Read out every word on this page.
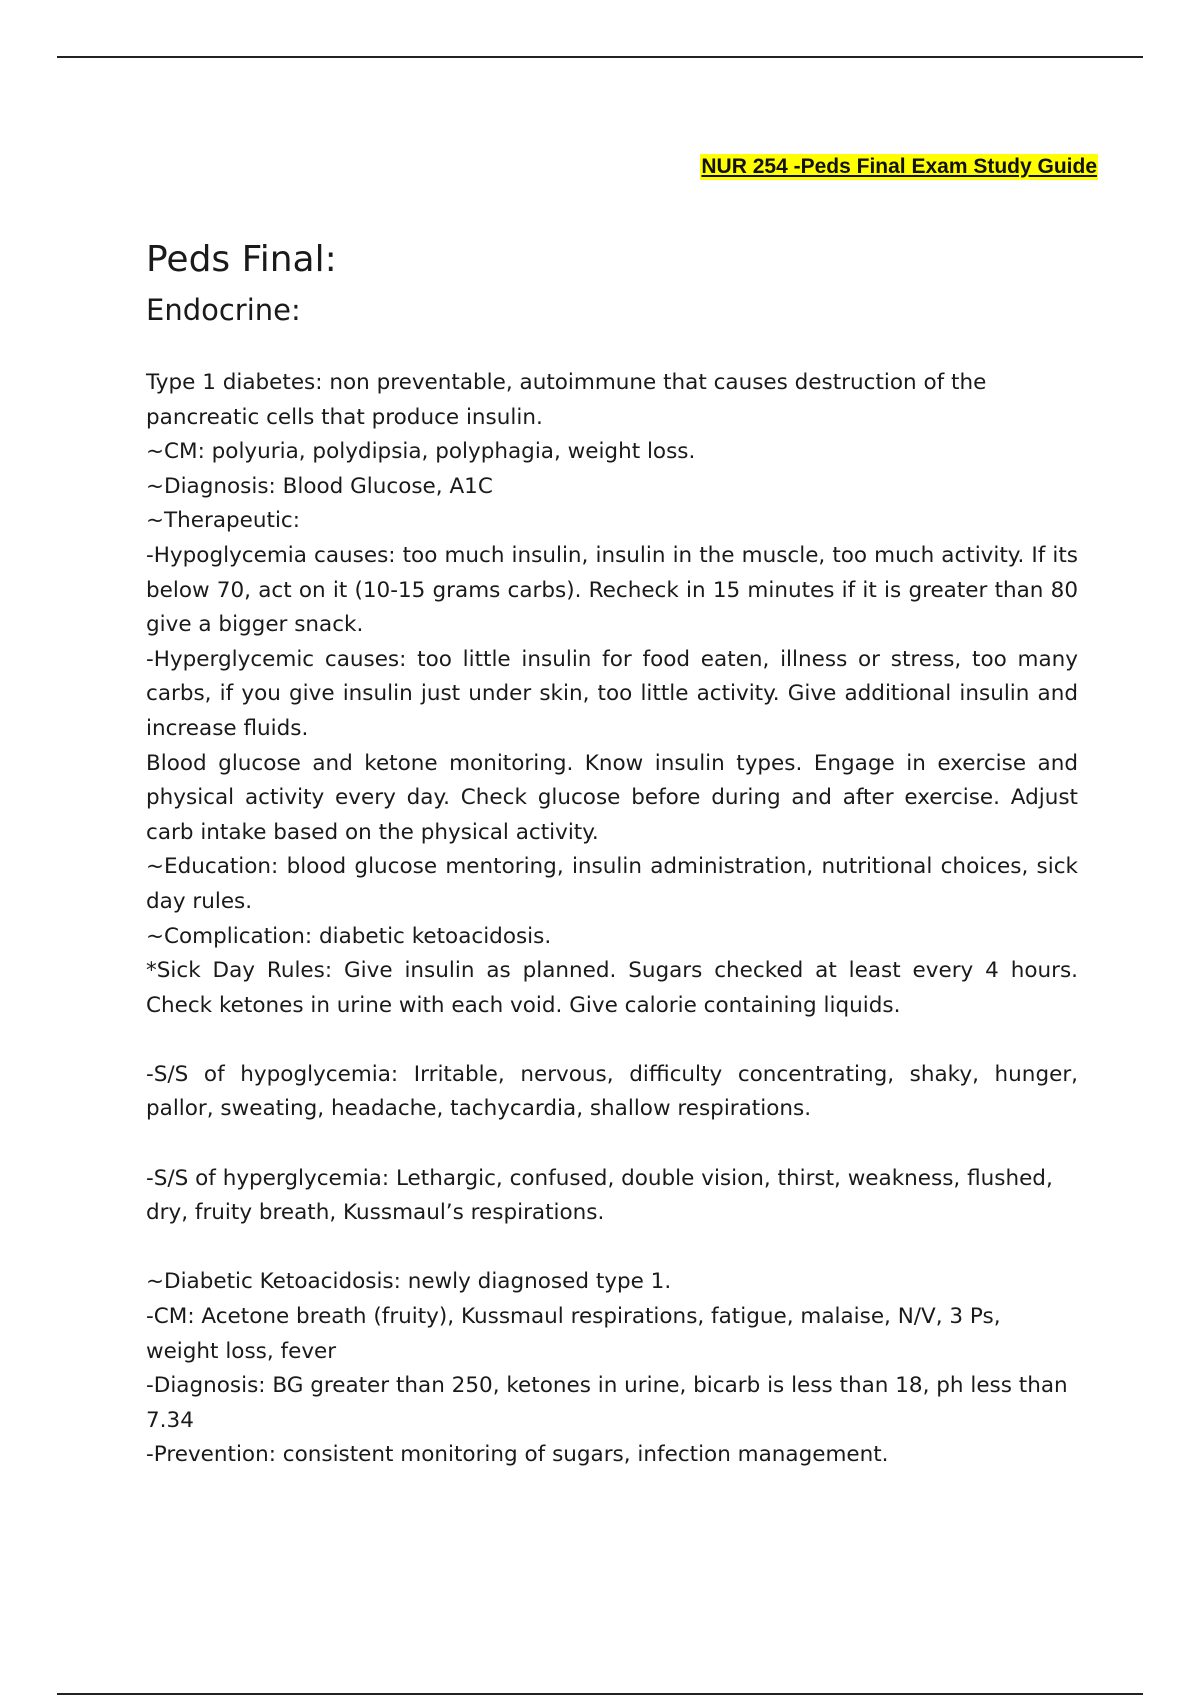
NUR 254 -Peds Final Exam Study Guide
Peds Final:
Endocrine:

Type 1 diabetes: non preventable, autoimmune that causes destruction of the pancreatic cells that produce insulin.

~CM: polyuria, polydipsia, polyphagia, weight loss.

~Diagnosis: Blood Glucose, A1C

~Therapeutic:

-Hypoglycemia causes: too much insulin, insulin in the muscle, too much activity. If its below 70, act on it (10-15 grams carbs). Recheck in 15 minutes if it is greater than 80 give a bigger snack.

-Hyperglycemic causes: too little insulin for food eaten, illness or stress, too many carbs, if you give insulin just under skin, too little activity. Give additional insulin and increase fluids.

Blood glucose and ketone monitoring. Know insulin types. Engage in exercise and physical activity every day. Check glucose before during and after exercise. Adjust carb intake based on the physical activity.

~Education: blood glucose mentoring, insulin administration, nutritional choices, sick day rules.

~Complication: diabetic ketoacidosis.

*Sick Day Rules: Give insulin as planned. Sugars checked at least every 4 hours. Check ketones in urine with each void. Give calorie containing liquids.

-S/S of hypoglycemia: Irritable, nervous, difficulty concentrating, shaky, hunger, pallor, sweating, headache, tachycardia, shallow respirations.

-S/S of hyperglycemia: Lethargic, confused, double vision, thirst, weakness, flushed, dry, fruity breath, Kussmaul’s respirations.

~Diabetic Ketoacidosis: newly diagnosed type 1.

-CM: Acetone breath (fruity), Kussmaul respirations, fatigue, malaise, N/V, 3 Ps, weight loss, fever

-Diagnosis: BG greater than 250, ketones in urine, bicarb is less than 18, ph less than 7.34

-Prevention: consistent monitoring of sugars, infection management.
